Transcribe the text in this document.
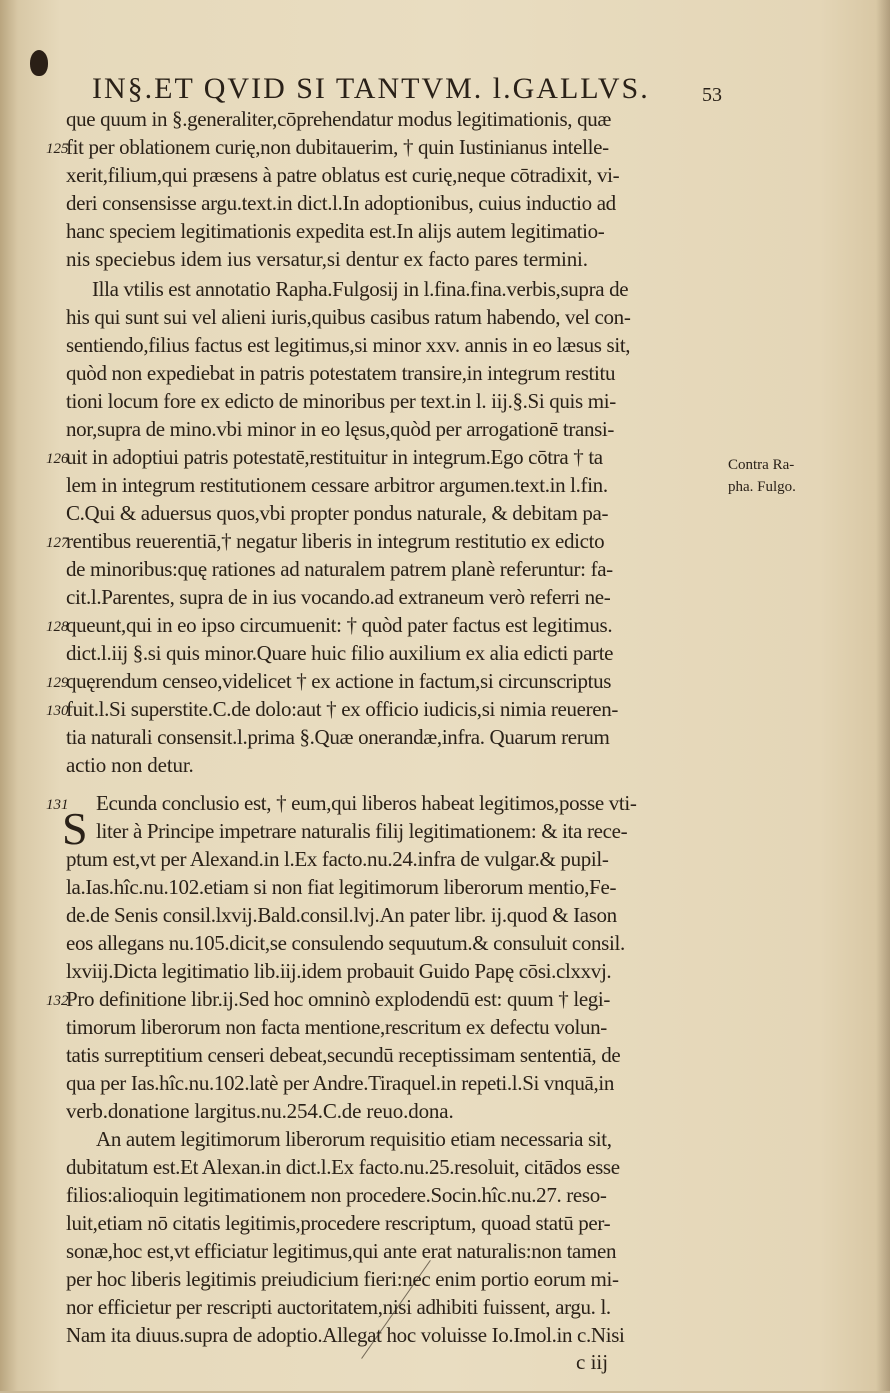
IN§.ET QVID SI TANTVM. l.GALLVS.	53
que quum in §.generaliter,cōprehendatur modus legitimationis, quæ
fit per oblationem curię,non dubitauerim, † quin Iustinianus intelle-
xerit,filium,qui præsens à patre oblatus est curię,neque cōtradixit, vi-
deri consensisse argu.text.in dict.l.In adoptionibus, cuius inductio ad
hanc speciem legitimationis expedita est.In alijs autem legitimatio-
nis speciebus idem ius versatur,si dentur ex facto pares termini.
Illa vtilis est annotatio Rapha.Fulgosij in l.fina.fina.verbis,supra de
his qui sunt sui vel alieni iuris,quibus casibus ratum habendo, vel con-
sentiendo,filius factus est legitimus,si minor xxv. annis in eo læsus sit,
quòd non expediebat in patris potestatem transire,in integrum restitu
tioni locum fore ex edicto de minoribus per text.in l. iij.§.Si quis mi-
nor,supra de mino.vbi minor in eo lęsus,quòd per arrogationē transi-
uit in adoptiui patris potestatē,restituitur in integrum.Ego cōtra † ta
lem in integrum restitutionem cessare arbitror argumen.text.in l.fin.
C.Qui & aduersus quos,vbi propter pondus naturale, & debitam pa-
rentibus reuerentiā,† negatur liberis in integrum restitutio ex edicto
de minoribus:quę rationes ad naturalem patrem planè referuntur: fa-
cit.l.Parentes, supra de in ius vocando.ad extraneum verò referri ne-
queunt,qui in eo ipso circumuenit: † quòd pater factus est legitimus.
dict.l.iij §.si quis minor.Quare huic filio auxilium ex alia edicti parte
quęrendum censeo,videlicet † ex actione in factum,si circunscriptus
fuit.l.Si superstite.C.de dolo:aut † ex officio iudicis,si nimia reueren-
tia naturali consensit.l.prima §.Quæ onerandæ,infra. Quarum rerum
actio non detur.
S Ecunda conclusio est, † eum,qui liberos habeat legitimos,posse vti-
liter à Principe impetrare naturalis filij legitimationem: & ita rece-
ptum est,vt per Alexand.in l.Ex facto.nu.24.infra de vulgar.& pupil-
la.Ias.hîc.nu.102.etiam si non fiat legitimorum liberorum mentio,Fe-
de.de Senis consil.lxvij.Bald.consil.lvj.An pater libr. ij.quod & Iason
eos allegans nu.105.dicit,se consulendo sequutum.& consuluit consil.
lxviij.Dicta legitimatio lib.iij.idem probauit Guido Papę cōsi.clxxvj.
Pro definitione libr.ij.Sed hoc omninò explodendū est: quum † legi-
timorum liberorum non facta mentione,rescritum ex defectu volun-
tatis surreptitium censeri debeat,secundū receptissimam sententiā, de
qua per Ias.hîc.nu.102.latè per Andre.Tiraquel.in repeti.l.Si vnquā,in
verb.donatione largitus.nu.254.C.de reuo.dona.
An autem legitimorum liberorum requisitio etiam necessaria sit,
dubitatum est.Et Alexan.in dict.l.Ex facto.nu.25.resoluit, citādos esse
filios:alioquin legitimationem non procedere.Socin.hîc.nu.27. reso-
luit,etiam nō citatis legitimis,procedere rescriptum, quoad statū per-
sonæ,hoc est,vt efficiatur legitimus,qui ante erat naturalis:non tamen
per hoc liberis legitimis preiudicium fieri:nec enim portio eorum mi-
nor efficietur per rescripti auctoritatem,nisi adhibiti fuissent, argu. l.
Nam ita diuus.supra de adoptio.Allegat hoc voluisse Io.Imol.in c.Nisi
125
126
127
128
129
130
131
132
Contra Ra-
pha. Fulgo.
c iij
